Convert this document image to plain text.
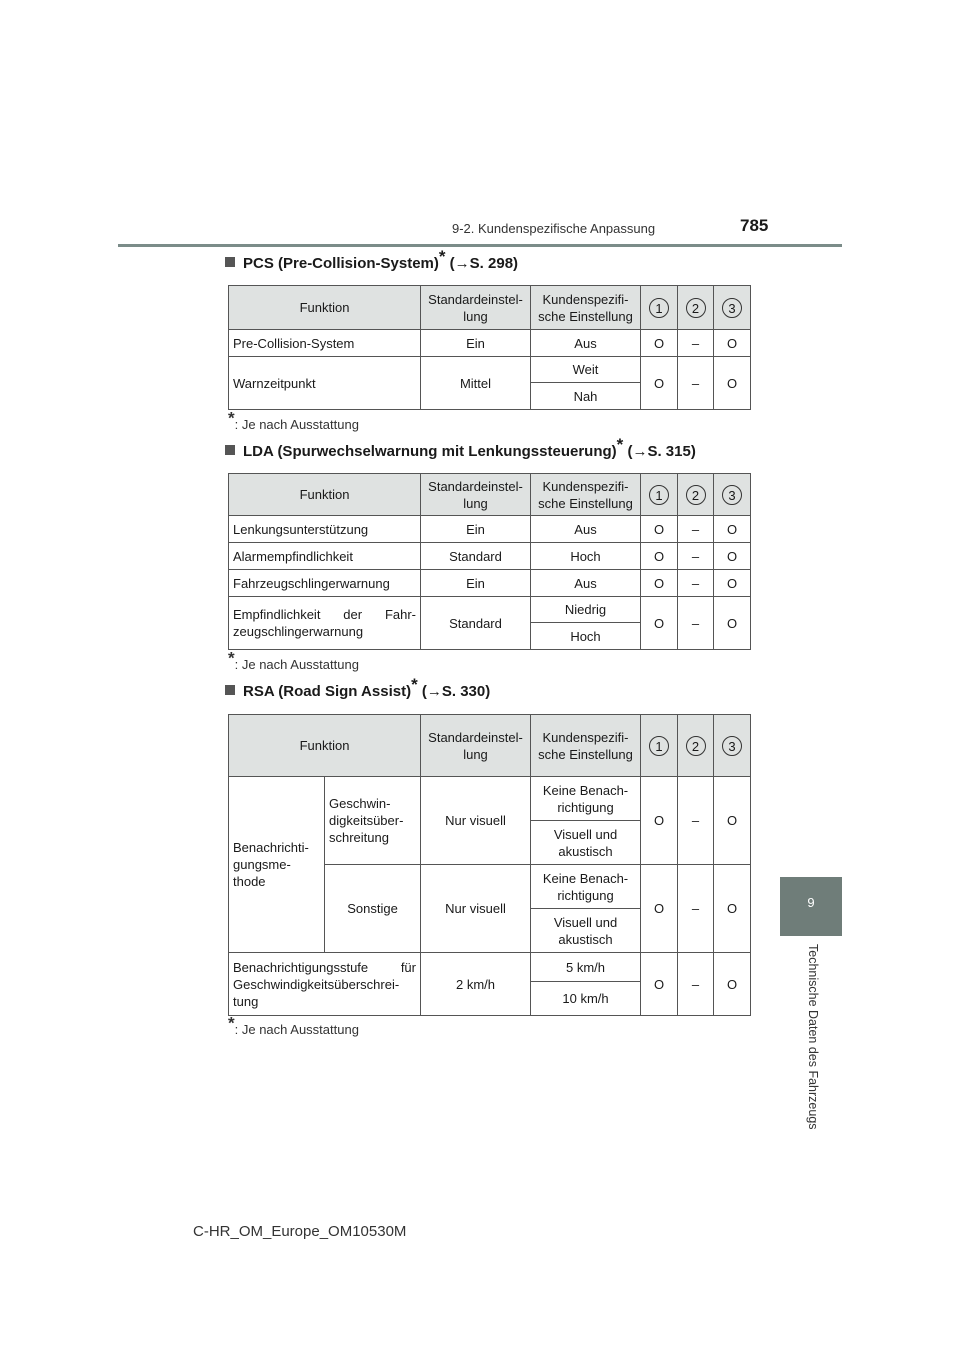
9-2. Kundenspezifische Anpassung	785
9
Technische Daten des Fahrzeugs
PCS (Pre-Collision-System)* (→S. 298)
Funktion	Standardeinstel-lung	Kundenspezifi-sche Einstellung	1	2	3
Pre-Collision-System	Ein	Aus	O	–	O
Warnzeitpunkt	Mittel	Weit	O	–	O
		Nah			
*: Je nach Ausstattung
LDA (Spurwechselwarnung mit Lenkungssteuerung)* (→S. 315)
Funktion	Standardeinstel-lung	Kundenspezifi-sche Einstellung	1	2	3
Lenkungsunterstützung	Ein	Aus	O	–	O
Alarmempfindlichkeit	Standard	Hoch	O	–	O
Fahrzeugschlingerwarnung	Ein	Aus	O	–	O
Empfindlichkeit der Fahr-zeugschlingerwarnung	Standard	Niedrig	O	–	O
		Hoch			
*: Je nach Ausstattung
RSA (Road Sign Assist)* (→S. 330)
Funktion		Standardeinstel-lung	Kundenspezifi-sche Einstellung	1	2	3
Benachrichti-gungsme-thode	Geschwin-digkeitsüber-schreitung	Nur visuell	Keine Benach-richtigung	O	–	O
			Visuell und akustisch			
	Sonstige	Nur visuell	Keine Benach-richtigung	O	–	O
			Visuell und akustisch			
Benachrichtigungsstufe für Geschwindigkeitsüberschrei-tung		2 km/h	5 km/h	O	–	O
			10 km/h			
*: Je nach Ausstattung
C-HR_OM_Europe_OM10530M
